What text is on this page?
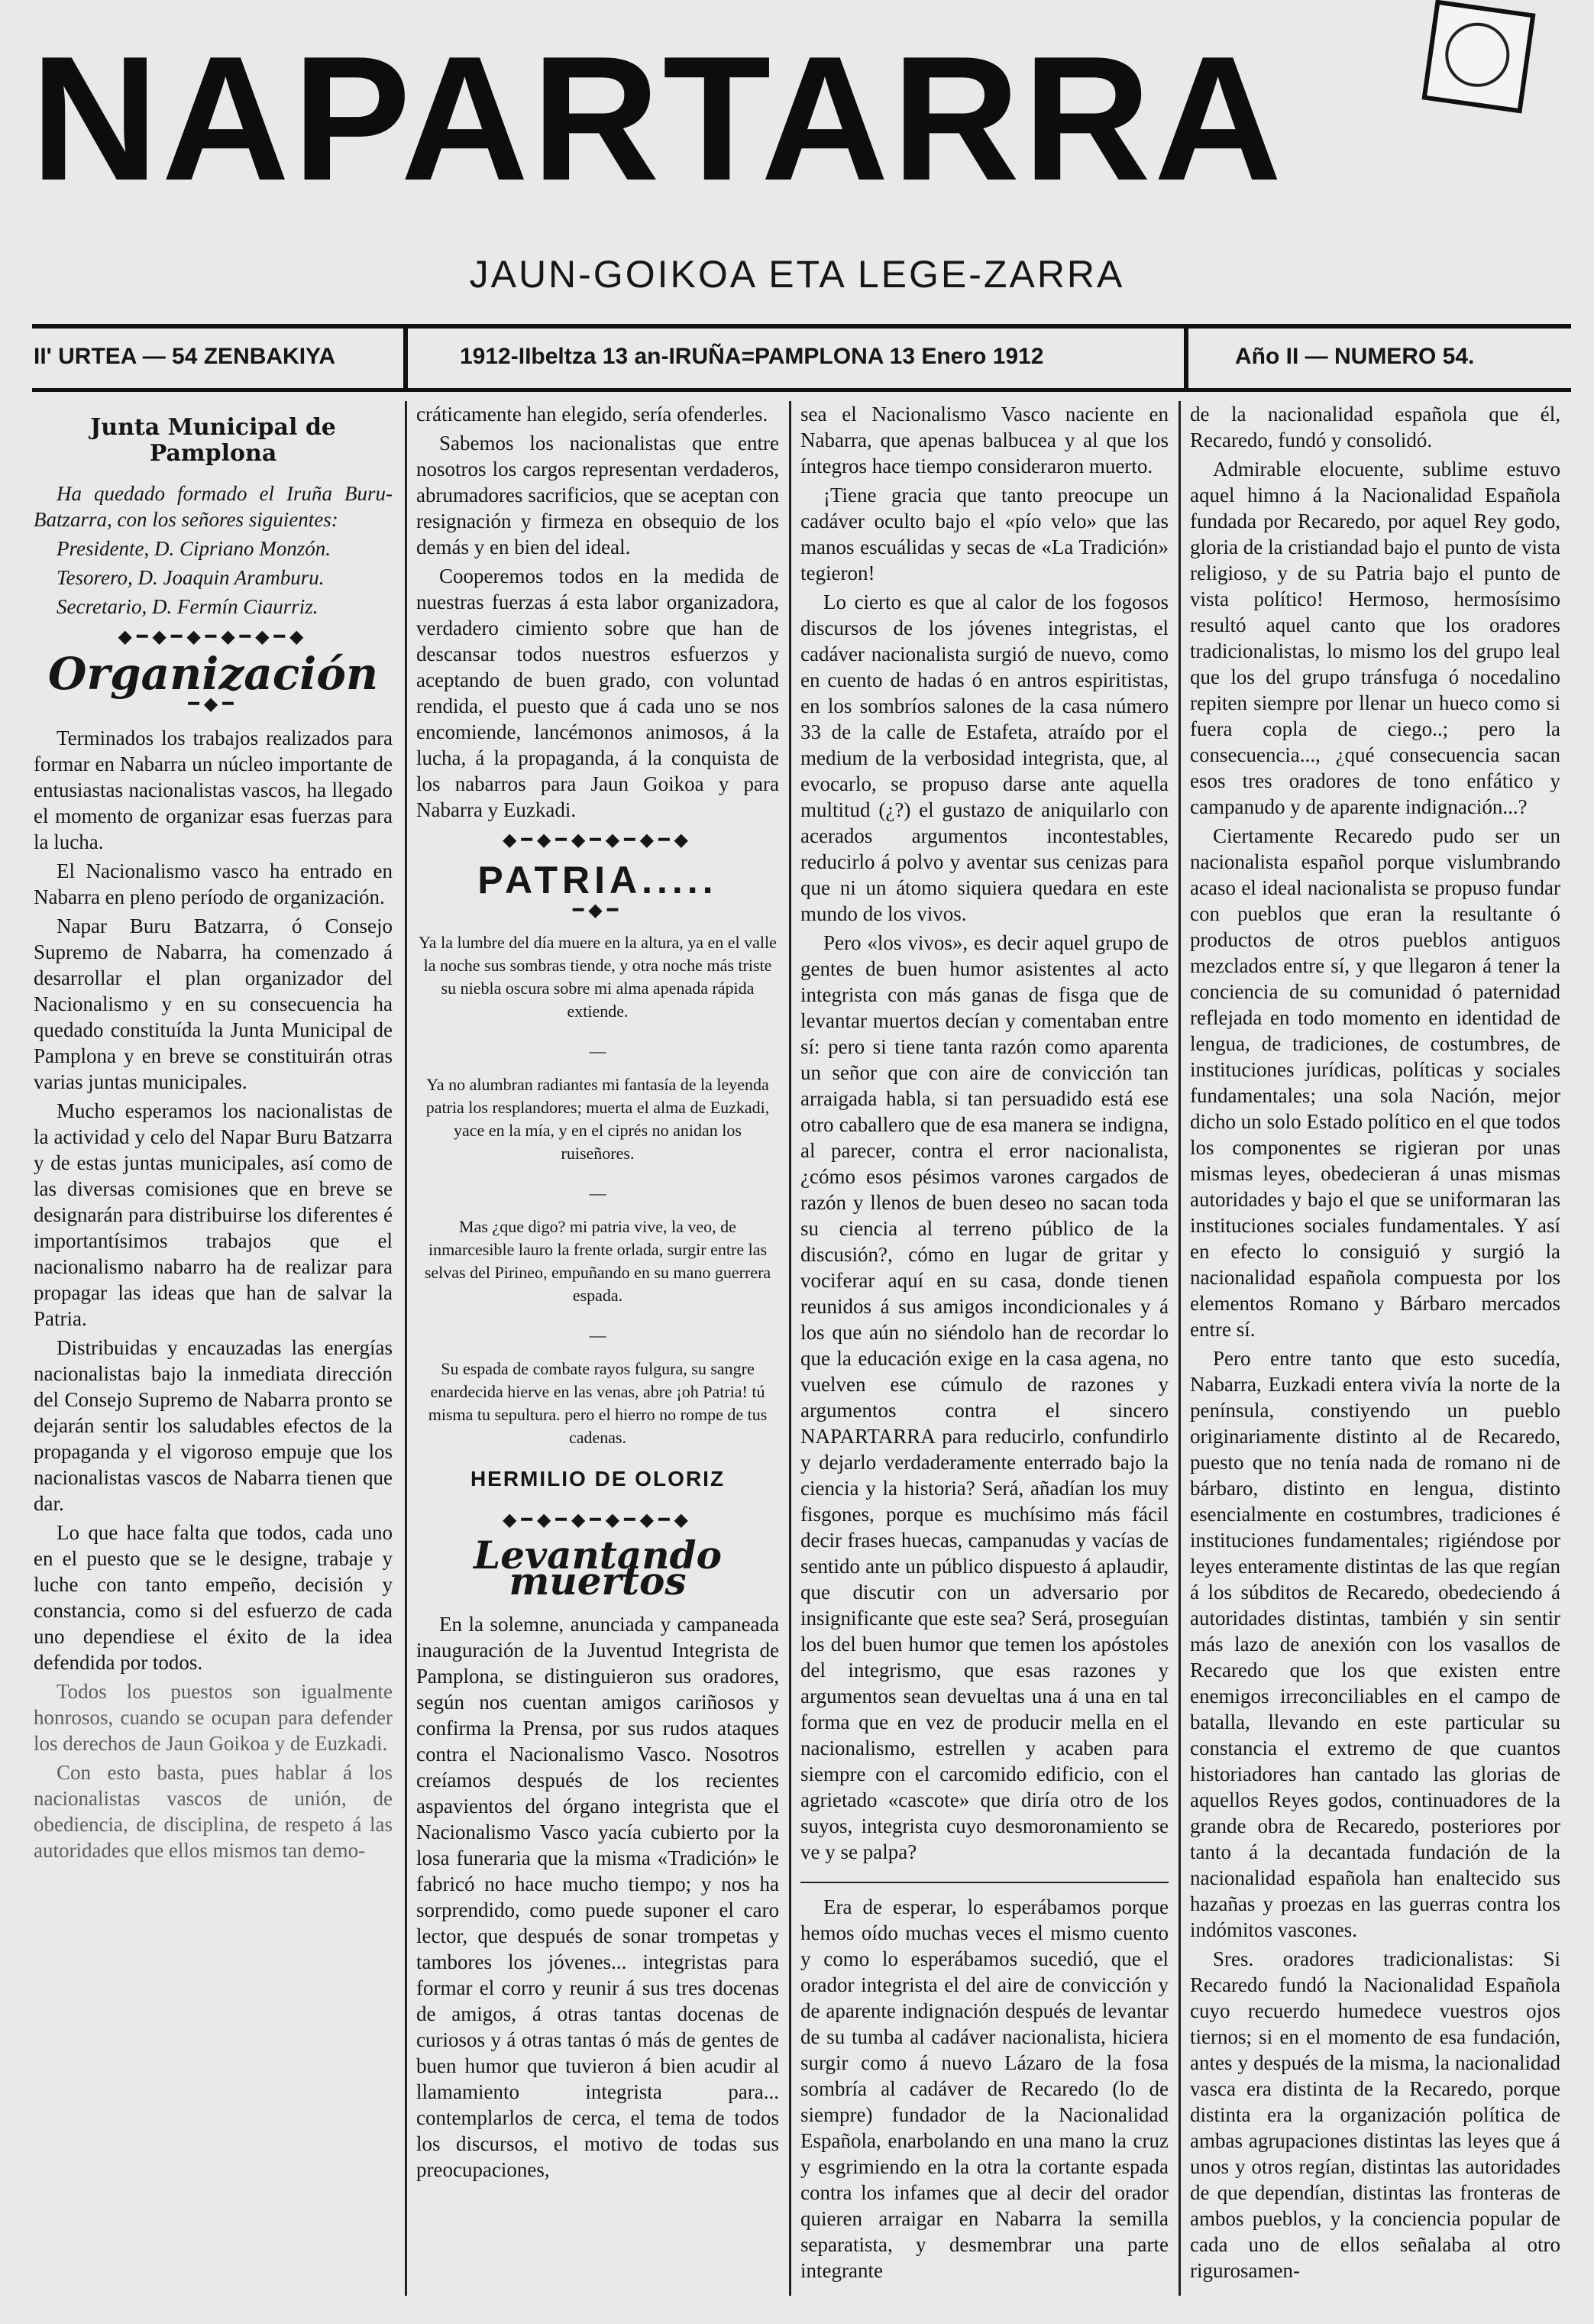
NAPARTARRA
JAUN-GOIKOA ETA LEGE-ZARRA
II' URTEA — 54 ZENBAKIYA	1912-IIbeltza 13 an-IRUÑA=PAMPLONA 13 Enero 1912	Año II — NUMERO 54.
Junta Municipal de Pamplona

Ha quedado formado el Iruña Buru-Batzarra, con los señores siguientes:

Presidente, D. Cipriano Monzón.

Tesorero, D. Joaquin Aramburu.

Secretario, D. Fermín Ciaurriz.

◆━◆━◆━◆━◆━◆
Organización
━◆━

Terminados los trabajos realizados para formar en Nabarra un núcleo importante de entusiastas nacionalistas vascos, ha llegado el momento de organizar esas fuerzas para la lucha.

El Nacionalismo vasco ha entrado en Nabarra en pleno período de organización.

Napar Buru Batzarra, ó Consejo Supremo de Nabarra, ha comenzado á desarrollar el plan organizador del Nacionalismo y en su consecuencia ha quedado constituída la Junta Municipal de Pamplona y en breve se constituirán otras varias juntas municipales.

Mucho esperamos los nacionalistas de la actividad y celo del Napar Buru Batzarra y de estas juntas municipales, así como de las diversas comisiones que en breve se designarán para distribuirse los diferentes é importantísimos trabajos que el nacionalismo nabarro ha de realizar para propagar las ideas que han de salvar la Patria.

Distribuidas y encauzadas las energías nacionalistas bajo la inmediata dirección del Consejo Supremo de Nabarra pronto se dejarán sentir los saludables efectos de la propaganda y el vigoroso empuje que los nacionalistas vascos de Nabarra tienen que dar.

Lo que hace falta que todos, cada uno en el puesto que se le designe, trabaje y luche con tanto empeño, decisión y constancia, como si del esfuerzo de cada uno dependiese el éxito de la idea defendida por todos.

Todos los puestos son igualmente honrosos, cuando se ocupan para defender los derechos de Jaun Goikoa y de Euzkadi.

Con esto basta, pues hablar á los nacionalistas vascos de unión, de obediencia, de disciplina, de respeto á las autoridades que ellos mismos tan demo-

cráticamente han elegido, sería ofenderles.

Sabemos los nacionalistas que entre nosotros los cargos representan verdaderos, abrumadores sacrificios, que se aceptan con resignación y firmeza en obsequio de los demás y en bien del ideal.

Cooperemos todos en la medida de nuestras fuerzas á esta labor organizadora, verdadero cimiento sobre que han de descansar todos nuestros esfuerzos y aceptando de buen grado, con voluntad rendida, el puesto que á cada uno se nos encomiende, lancémonos animosos, á la lucha, á la propaganda, á la conquista de los nabarros para Jaun Goikoa y para Nabarra y Euzkadi.

◆━◆━◆━◆━◆━◆
PATRIA.....
━◆━
Ya la lumbre del día muere en la altura, ya en el valle la noche sus sombras tiende, y otra noche más triste su niebla oscura sobre mi alma apenada rápida extiende.
—
Ya no alumbran radiantes mi fantasía de la leyenda patria los resplandores; muerta el alma de Euzkadi, yace en la mía, y en el ciprés no anidan los ruiseñores.
—
Mas ¿que digo? mi patria vive, la veo, de inmarcesible lauro la frente orlada, surgir entre las selvas del Pirineo, empuñando en su mano guerrera espada.
—
Su espada de combate rayos fulgura, su sangre enardecida hierve en las venas, abre ¡oh Patria! tú misma tu sepultura. pero el hierro no rompe de tus cadenas.
HERMILIO DE OLORIZ
◆━◆━◆━◆━◆━◆
Levantando muertos

En la solemne, anunciada y campaneada inauguración de la Juventud Integrista de Pamplona, se distinguieron sus oradores, según nos cuentan amigos cariñosos y confirma la Prensa, por sus rudos ataques contra el Nacionalismo Vasco. Nosotros creíamos después de los recientes aspavientos del órgano integrista que el Nacionalismo Vasco yacía cubierto por la losa funeraria que la misma «Tradición» le fabricó no hace mucho tiempo; y nos ha sorprendido, como puede suponer el caro lector, que después de sonar trompetas y tambores los jóvenes... integristas para formar el corro y reunir á sus tres docenas de amigos, á otras tantas docenas de curiosos y á otras tantas ó más de gentes de buen humor que tuvieron á bien acudir al llamamiento integrista para... contemplarlos de cerca, el tema de todos los discursos, el motivo de todas sus preocupaciones,

sea el Nacionalismo Vasco naciente en Nabarra, que apenas balbucea y al que los íntegros hace tiempo consideraron muerto.

¡Tiene gracia que tanto preocupe un cadáver oculto bajo el «pío velo» que las manos escuálidas y secas de «La Tradición» tegieron!

Lo cierto es que al calor de los fogosos discursos de los jóvenes integristas, el cadáver nacionalista surgió de nuevo, como en cuento de hadas ó en antros espiritistas, en los sombríos salones de la casa número 33 de la calle de Estafeta, atraído por el medium de la verbosidad integrista, que, al evocarlo, se propuso darse ante aquella multitud (¿?) el gustazo de aniquilarlo con acerados argumentos incontestables, reducirlo á polvo y aventar sus cenizas para que ni un átomo siquiera quedara en este mundo de los vivos.

Pero «los vivos», es decir aquel grupo de gentes de buen humor asistentes al acto integrista con más ganas de fisga que de levantar muertos decían y comentaban entre sí: pero si tiene tanta razón como aparenta un señor que con aire de convicción tan arraigada habla, si tan persuadido está ese otro caballero que de esa manera se indigna, al parecer, contra el error nacionalista, ¿cómo esos pésimos varones cargados de razón y llenos de buen deseo no sacan toda su ciencia al terreno público de la discusión?, cómo en lugar de gritar y vociferar aquí en su casa, donde tienen reunidos á sus amigos incondicionales y á los que aún no siéndolo han de recordar lo que la educación exige en la casa agena, no vuelven ese cúmulo de razones y argumentos contra el sincero NAPARTARRA para reducirlo, confundirlo y dejarlo verdaderamente enterrado bajo la ciencia y la historia? Será, añadían los muy fisgones, porque es muchísimo más fácil decir frases huecas, campanudas y vacías de sentido ante un público dispuesto á aplaudir, que discutir con un adversario por insignificante que este sea? Será, proseguían los del buen humor que temen los apóstoles del integrismo, que esas razones y argumentos sean devueltas una á una en tal forma que en vez de producir mella en el nacionalismo, estrellen y acaben para siempre con el carcomido edificio, con el agrietado «cascote» que diría otro de los suyos, integrista cuyo desmoronamiento se ve y se palpa?

Era de esperar, lo esperábamos porque hemos oído muchas veces el mismo cuento y como lo esperábamos sucedió, que el orador integrista el del aire de convicción y de aparente indignación después de levantar de su tumba al cadáver nacionalista, hiciera surgir como á nuevo Lázaro de la fosa sombría al cadáver de Recaredo (lo de siempre) fundador de la Nacionalidad Española, enarbolando en una mano la cruz y esgrimiendo en la otra la cortante espada contra los infames que al decir del orador quieren arraigar en Nabarra la semilla separatista, y desmembrar una parte integrante

de la nacionalidad española que él, Recaredo, fundó y consolidó.

Admirable elocuente, sublime estuvo aquel himno á la Nacionalidad Española fundada por Recaredo, por aquel Rey godo, gloria de la cristiandad bajo el punto de vista religioso, y de su Patria bajo el punto de vista político! Hermoso, hermosísimo resultó aquel canto que los oradores tradicionalistas, lo mismo los del grupo leal que los del grupo tránsfuga ó nocedalino repiten siempre por llenar un hueco como si fuera copla de ciego..; pero la consecuencia..., ¿qué consecuencia sacan esos tres oradores de tono enfático y campanudo y de aparente indignación...?

Ciertamente Recaredo pudo ser un nacionalista español porque vislumbrando acaso el ideal nacionalista se propuso fundar con pueblos que eran la resultante ó productos de otros pueblos antiguos mezclados entre sí, y que llegaron á tener la conciencia de su comunidad ó paternidad reflejada en todo momento en identidad de lengua, de tradiciones, de costumbres, de instituciones jurídicas, políticas y sociales fundamentales; una sola Nación, mejor dicho un solo Estado político en el que todos los componentes se rigieran por unas mismas leyes, obedecieran á unas mismas autoridades y bajo el que se uniformaran las instituciones sociales fundamentales. Y así en efecto lo consiguió y surgió la nacionalidad española compuesta por los elementos Romano y Bárbaro mercados entre sí.

Pero entre tanto que esto sucedía, Nabarra, Euzkadi entera vivía la norte de la península, constiyendo un pueblo originariamente distinto al de Recaredo, puesto que no tenía nada de romano ni de bárbaro, distinto en lengua, distinto esencialmente en costumbres, tradiciones é instituciones fundamentales; rigiéndose por leyes enteramente distintas de las que regían á los súbditos de Recaredo, obedeciendo á autoridades distintas, también y sin sentir más lazo de anexión con los vasallos de Recaredo que los que existen entre enemigos irreconciliables en el campo de batalla, llevando en este particular su constancia el extremo de que cuantos historiadores han cantado las glorias de aquellos Reyes godos, continuadores de la grande obra de Recaredo, posteriores por tanto á la decantada fundación de la nacionalidad española han enaltecido sus hazañas y proezas en las guerras contra los indómitos vascones.

Sres. oradores tradicionalistas: Si Recaredo fundó la Nacionalidad Española cuyo recuerdo humedece vuestros ojos tiernos; si en el momento de esa fundación, antes y después de la misma, la nacionalidad vasca era distinta de la Recaredo, porque distinta era la organización política de ambas agrupaciones distintas las leyes que á unos y otros regían, distintas las autoridades de que dependían, distintas las fronteras de ambos pueblos, y la conciencia popular de cada uno de ellos señalaba al otro rigurosamen-
